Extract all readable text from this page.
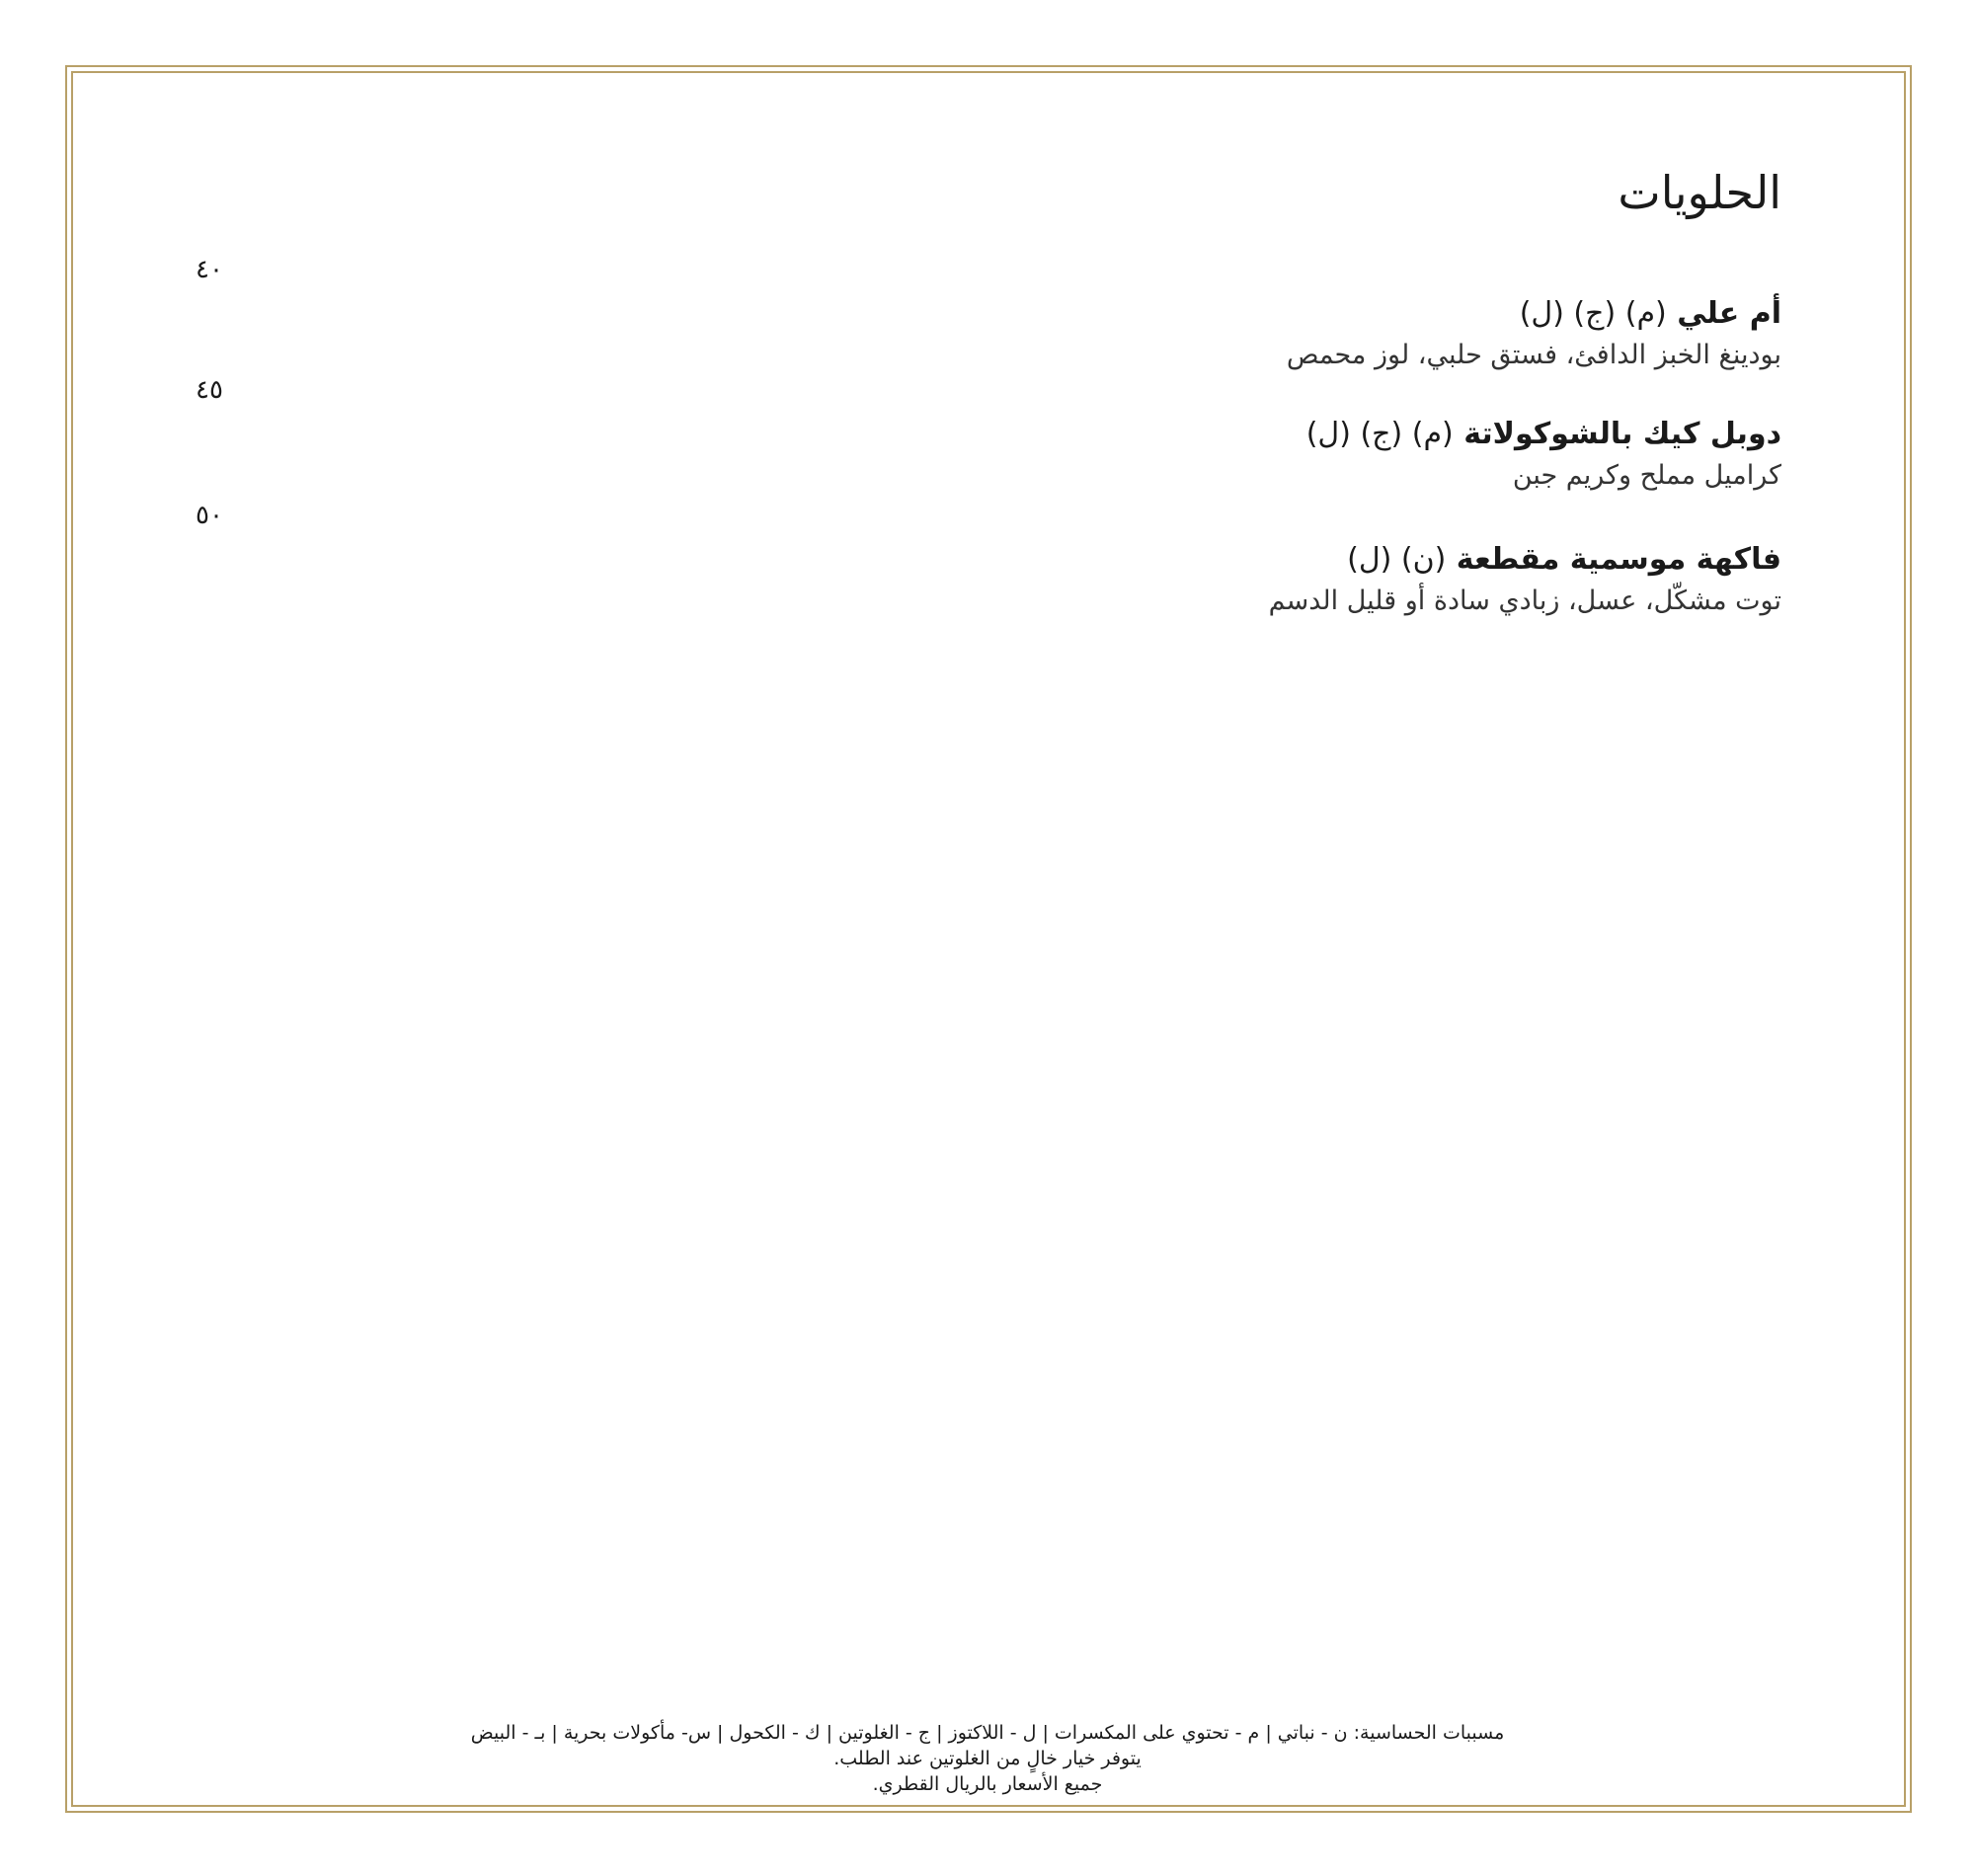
الحلويات
أم علي (م) (ج) (ل)
بودينغ الخبز الدافئ، فستق حلبي، لوز محمص
٤٠
دوبل كيك بالشوكولاتة (م) (ج) (ل)
كراميل مملح وكريم جبن
٤٥
فاكهة موسمية مقطعة (ن) (ل)
توت مشكّل، عسل، زبادي سادة أو قليل الدسم
٥٠
مسببات الحساسية: ن - نباتي | م - تحتوي على المكسرات | ل - اللاكتوز | ج - الغلوتين | ك - الكحول | س- مأكولات بحرية | بـ - البيض
يتوفر خيار خالٍ من الغلوتين عند الطلب.
جميع الأسعار بالريال القطري.
